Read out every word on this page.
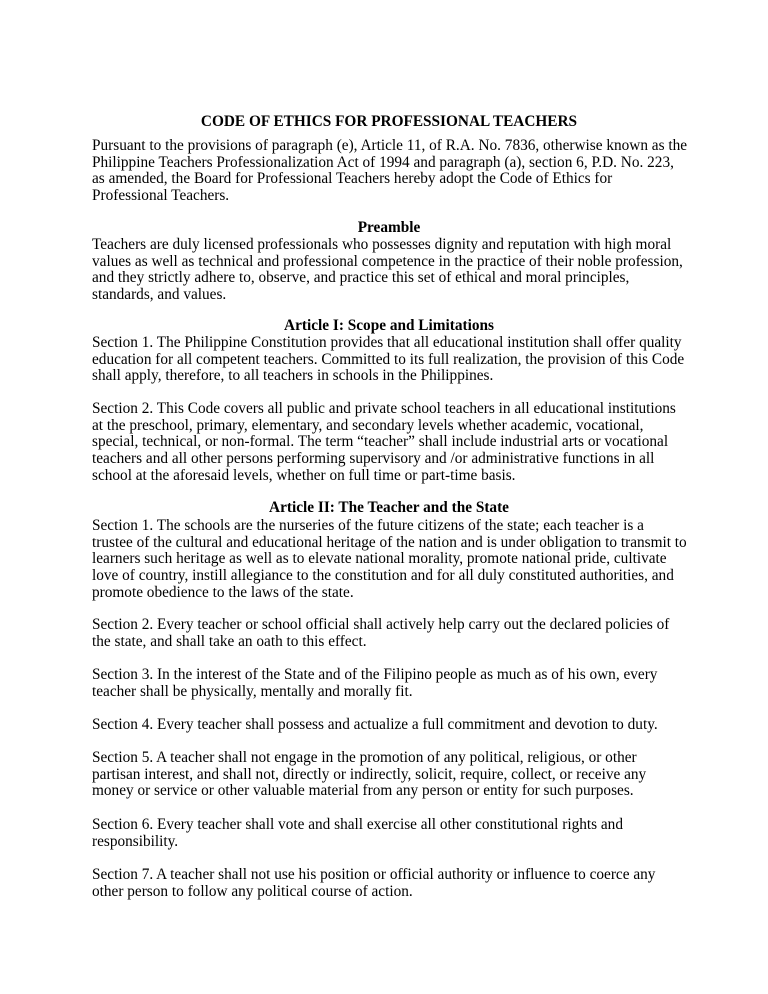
CODE OF ETHICS FOR PROFESSIONAL TEACHERS
Pursuant to the provisions of paragraph (e), Article 11, of R.A. No. 7836, otherwise known as the
Philippine Teachers Professionalization Act of 1994 and paragraph (a), section 6, P.D. No. 223,
as amended, the Board for Professional Teachers hereby adopt the Code of Ethics for
Professional Teachers.
Preamble
Teachers are duly licensed professionals who possesses dignity and reputation with high moral
values as well as technical and professional competence in the practice of their noble profession,
and they strictly adhere to, observe, and practice this set of ethical and moral principles,
standards, and values.
Article I: Scope and Limitations
Section 1. The Philippine Constitution provides that all educational institution shall offer quality
education for all competent teachers. Committed to its full realization, the provision of this Code
shall apply, therefore, to all teachers in schools in the Philippines.
Section 2. This Code covers all public and private school teachers in all educational institutions
at the preschool, primary, elementary, and secondary levels whether academic, vocational,
special, technical, or non-formal. The term “teacher” shall include industrial arts or vocational
teachers and all other persons performing supervisory and /or administrative functions in all
school at the aforesaid levels, whether on full time or part-time basis.
Article II: The Teacher and the State
Section 1. The schools are the nurseries of the future citizens of the state; each teacher is a
trustee of the cultural and educational heritage of the nation and is under obligation to transmit to
learners such heritage as well as to elevate national morality, promote national pride, cultivate
love of country, instill allegiance to the constitution and for all duly constituted authorities, and
promote obedience to the laws of the state.
Section 2. Every teacher or school official shall actively help carry out the declared policies of
the state, and shall take an oath to this effect.
Section 3. In the interest of the State and of the Filipino people as much as of his own, every
teacher shall be physically, mentally and morally fit.
Section 4. Every teacher shall possess and actualize a full commitment and devotion to duty.
Section 5. A teacher shall not engage in the promotion of any political, religious, or other
partisan interest, and shall not, directly or indirectly, solicit, require, collect, or receive any
money or service or other valuable material from any person or entity for such purposes.
Section 6. Every teacher shall vote and shall exercise all other constitutional rights and
responsibility.
Section 7. A teacher shall not use his position or official authority or influence to coerce any
other person to follow any political course of action.
